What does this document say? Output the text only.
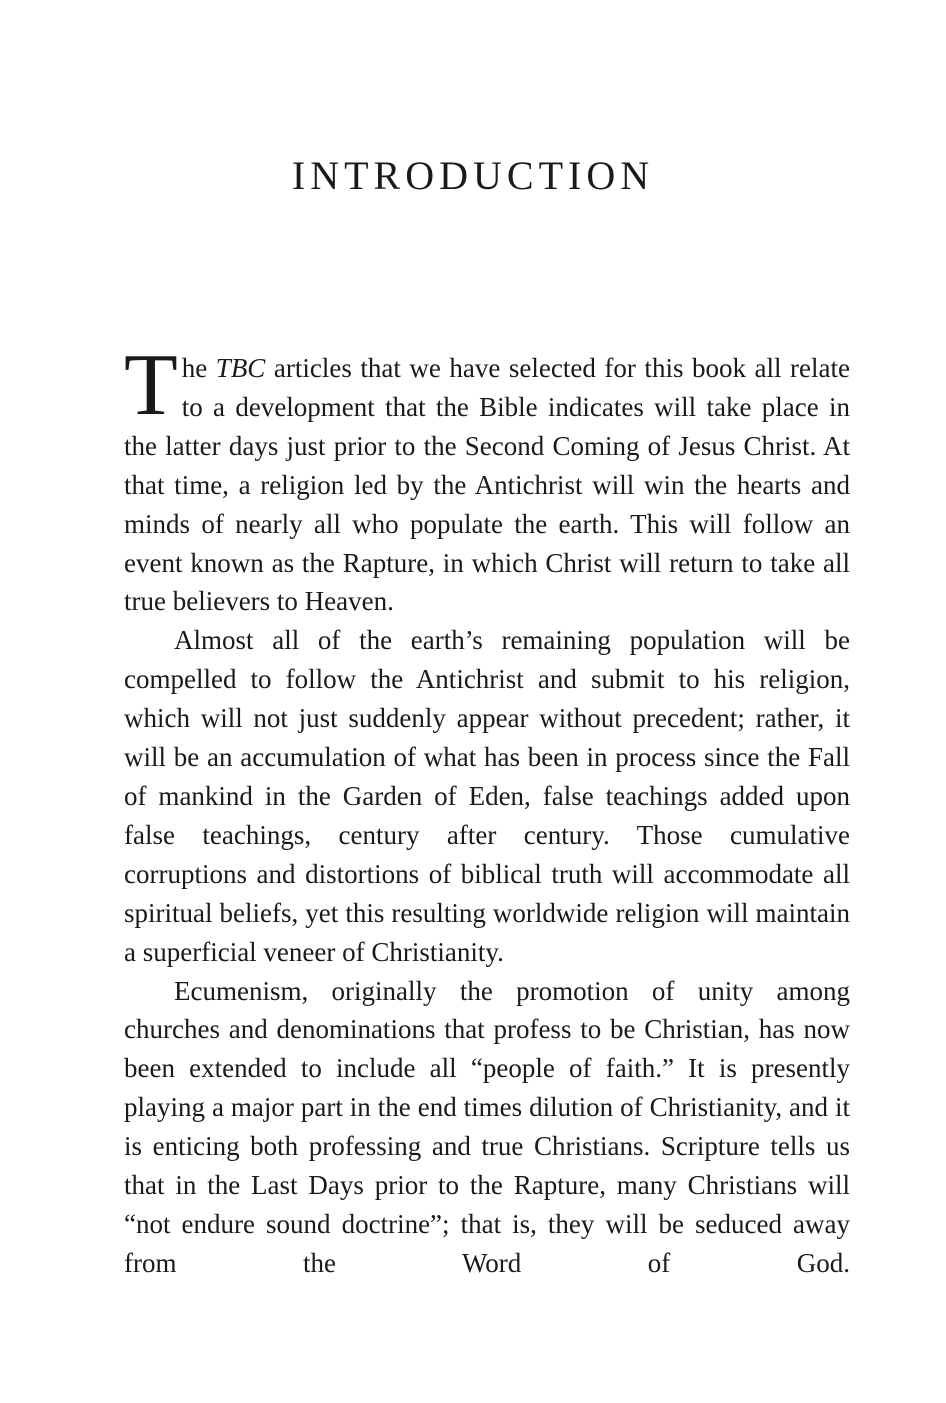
INTRODUCTION

The TBC articles that we have selected for this book all relate to a development that the Bible indicates will take place in the latter days just prior to the Second Coming of Jesus Christ. At that time, a religion led by the Antichrist will win the hearts and minds of nearly all who populate the earth. This will follow an event known as the Rapture, in which Christ will return to take all true believers to Heaven.

Almost all of the earth’s remaining population will be compelled to follow the Antichrist and submit to his religion, which will not just suddenly appear without precedent; rather, it will be an accumulation of what has been in process since the Fall of mankind in the Garden of Eden, false teachings added upon false teachings, century after century. Those cumulative corruptions and distortions of biblical truth will accommodate all spiritual beliefs, yet this resulting worldwide religion will maintain a superficial veneer of Christianity.

Ecumenism, originally the promotion of unity among churches and denominations that profess to be Christian, has now been extended to include all “people of faith.” It is presently playing a major part in the end times dilution of Christianity, and it is enticing both professing and true Christians. Scripture tells us that in the Last Days prior to the Rapture, many Christians will “not endure sound doctrine”; that is, they will be seduced away from the Word of God.
